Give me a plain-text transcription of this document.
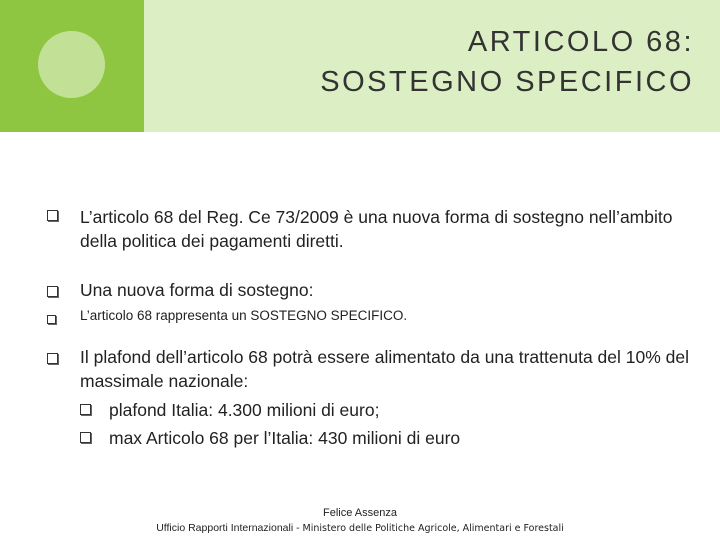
ARTICOLO 68:
SOSTEGNO SPECIFICO
L’articolo 68 del Reg. Ce 73/2009 è una nuova forma di sostegno nell’ambito della politica dei pagamenti diretti.
Una nuova forma di sostegno:
L’articolo 68 rappresenta un SOSTEGNO SPECIFICO.
Il plafond dell’articolo 68 potrà essere alimentato da una trattenuta del 10% del massimale nazionale:
plafond Italia: 4.300 milioni di euro;
max Articolo 68 per l’Italia: 430 milioni di euro
Felice Assenza
Ufficio Rapporti Internazionali - Ministero delle Politiche Agricole, Alimentari e Forestali
